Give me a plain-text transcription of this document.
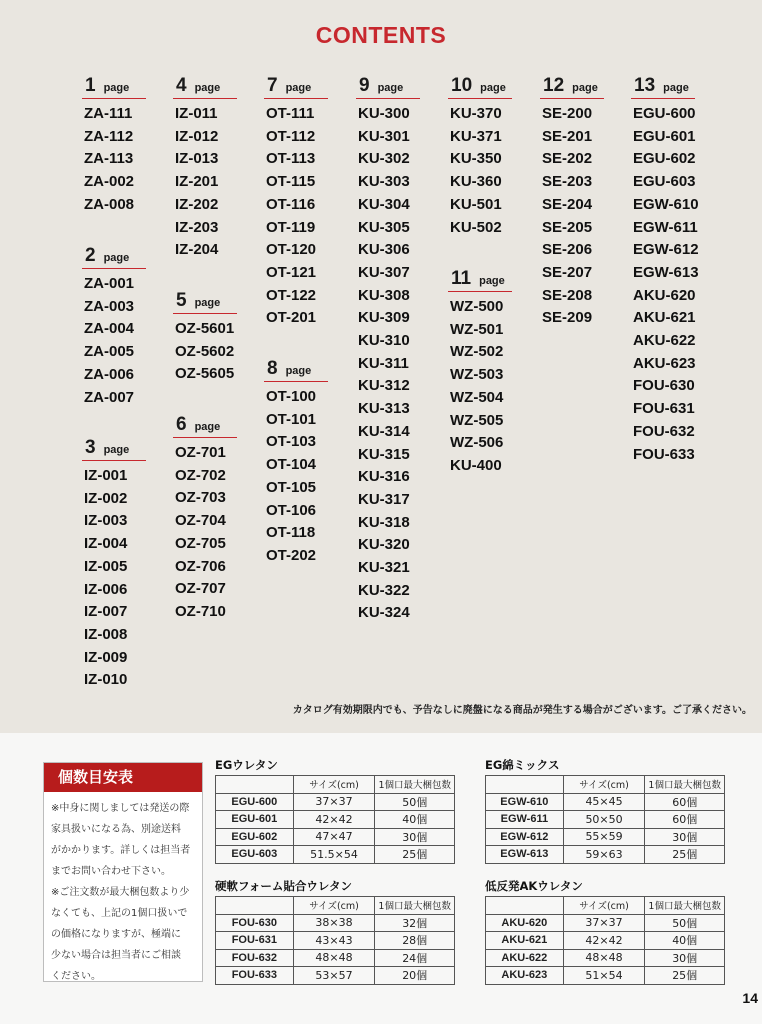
CONTENTS
1 page
ZA-111
ZA-112
ZA-113
ZA-002
ZA-008
2 page
ZA-001
ZA-003
ZA-004
ZA-005
ZA-006
ZA-007
3 page
IZ-001
IZ-002
IZ-003
IZ-004
IZ-005
IZ-006
IZ-007
IZ-008
IZ-009
IZ-010
4 page
IZ-011
IZ-012
IZ-013
IZ-201
IZ-202
IZ-203
IZ-204
5 page
OZ-5601
OZ-5602
OZ-5605
6 page
OZ-701
OZ-702
OZ-703
OZ-704
OZ-705
OZ-706
OZ-707
OZ-710
7 page
OT-111
OT-112
OT-113
OT-115
OT-116
OT-119
OT-120
OT-121
OT-122
OT-201
8 page
OT-100
OT-101
OT-103
OT-104
OT-105
OT-106
OT-118
OT-202
9 page
KU-300
KU-301
KU-302
KU-303
KU-304
KU-305
KU-306
KU-307
KU-308
KU-309
KU-310
KU-311
KU-312
KU-313
KU-314
KU-315
KU-316
KU-317
KU-318
KU-320
KU-321
KU-322
KU-324
10 page
KU-370
KU-371
KU-350
KU-360
KU-501
KU-502
11 page
WZ-500
WZ-501
WZ-502
WZ-503
WZ-504
WZ-505
WZ-506
KU-400
12 page
SE-200
SE-201
SE-202
SE-203
SE-204
SE-205
SE-206
SE-207
SE-208
SE-209
13 page
EGU-600
EGU-601
EGU-602
EGU-603
EGW-610
EGW-611
EGW-612
EGW-613
AKU-620
AKU-621
AKU-622
AKU-623
FOU-630
FOU-631
FOU-632
FOU-633
カタログ有効期限内でも、予告なしに廃盤になる商品が発生する場合がございます。ご了承ください。
個数目安表
※中身に関しましては発送の際
家具扱いになる為、別途送料
がかかります。詳しくは担当者
までお問い合わせ下さい。
※ご注文数が最大梱包数より少
なくても、上記の1個口扱いで
の価格になりますが、極端に
少ない場合は担当者にご相談
ください。
EGウレタン
	サイズ(cm)	1個口最大梱包数
EGU-600	37×37	50個
EGU-601	42×42	40個
EGU-602	47×47	30個
EGU-603	51.5×54	25個
EG綿ミックス
	サイズ(cm)	1個口最大梱包数
EGW-610	45×45	60個
EGW-611	50×50	60個
EGW-612	55×59	30個
EGW-613	59×63	25個
硬軟フォーム貼合ウレタン
	サイズ(cm)	1個口最大梱包数
FOU-630	38×38	32個
FOU-631	43×43	28個
FOU-632	48×48	24個
FOU-633	53×57	20個
低反発AKウレタン
	サイズ(cm)	1個口最大梱包数
AKU-620	37×37	50個
AKU-621	42×42	40個
AKU-622	48×48	30個
AKU-623	51×54	25個
14
